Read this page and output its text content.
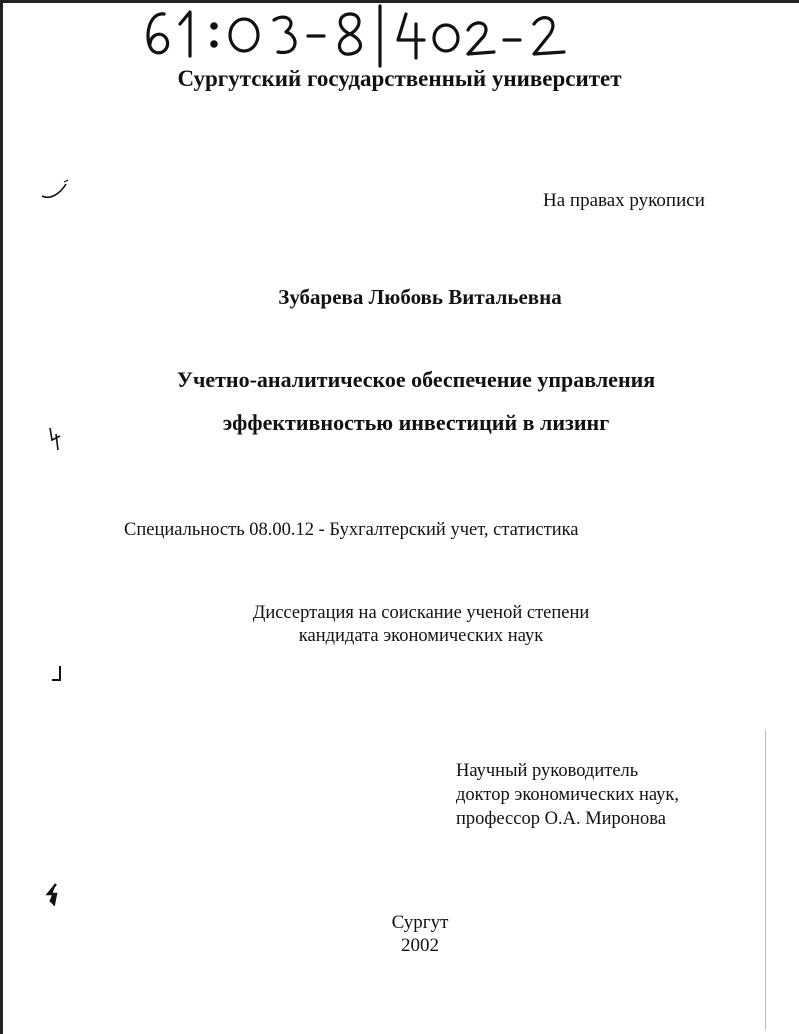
Сургутский государственный университет
На правах рукописи
Зубарева Любовь Витальевна
Учетно-аналитическое обеспечение управления
эффективностью инвестиций в лизинг
Специальность 08.00.12 - Бухгалтерский учет, статистика
Диссертация на соискание ученой степени
кандидата экономических наук
Научный руководитель
доктор экономических наук,
профессор О.А. Миронова
Сургут
2002
